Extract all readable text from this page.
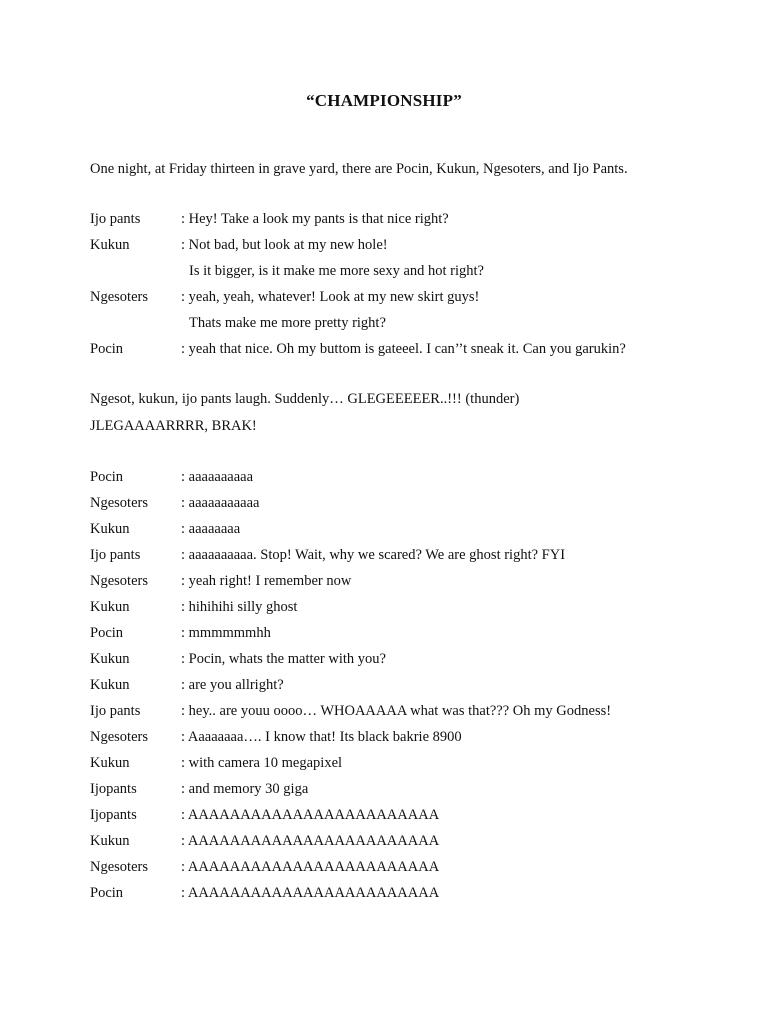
“CHAMPIONSHIP”
One night, at Friday thirteen in grave yard, there are Pocin, Kukun, Ngesoters, and Ijo Pants.
Ijo pants	: Hey! Take a look my pants is that nice right?
Kukun	: Not bad, but look at my new hole!
Is it bigger, is it make me more sexy and hot right?
Ngesoters : yeah, yeah, whatever! Look at my new skirt guys!
Thats make me more pretty right?
Pocin	: yeah that nice. Oh my buttom is gateeel. I can’’t sneak it. Can you garukin?
Ngesot, kukun, ijo pants laugh. Suddenly… GLEGEEEEER..!!! (thunder)
JLEGAAAARRRR, BRAK!
Pocin	: aaaaaaaaaa
Ngesoters : aaaaaaaaaaa
Kukun	: aaaaaaaa
Ijo pants	: aaaaaaaaaa. Stop! Wait, why we scared? We are ghost right? FYI
Ngesoters : yeah right! I remember now
Kukun	: hihihihi silly ghost
Pocin	: mmmmmmhh
Kukun	: Pocin, whats the matter with you?
Kukun	: are you allright?
Ijo pants	: hey.. are youu oooo… WHOAAAAA what was that??? Oh my Godness!
Ngesoters : Aaaaaaaa…. I know that! Its black bakrie 8900
Kukun	: with camera 10 megapixel
Ijopants	: and memory 30 giga
Ijopants	: AAAAAAAAAAAAAAAAAAAAAAAA
Kukun	: AAAAAAAAAAAAAAAAAAAAAAAA
Ngesoters : AAAAAAAAAAAAAAAAAAAAAAAA
Pocin	: AAAAAAAAAAAAAAAAAAAAAAAA
